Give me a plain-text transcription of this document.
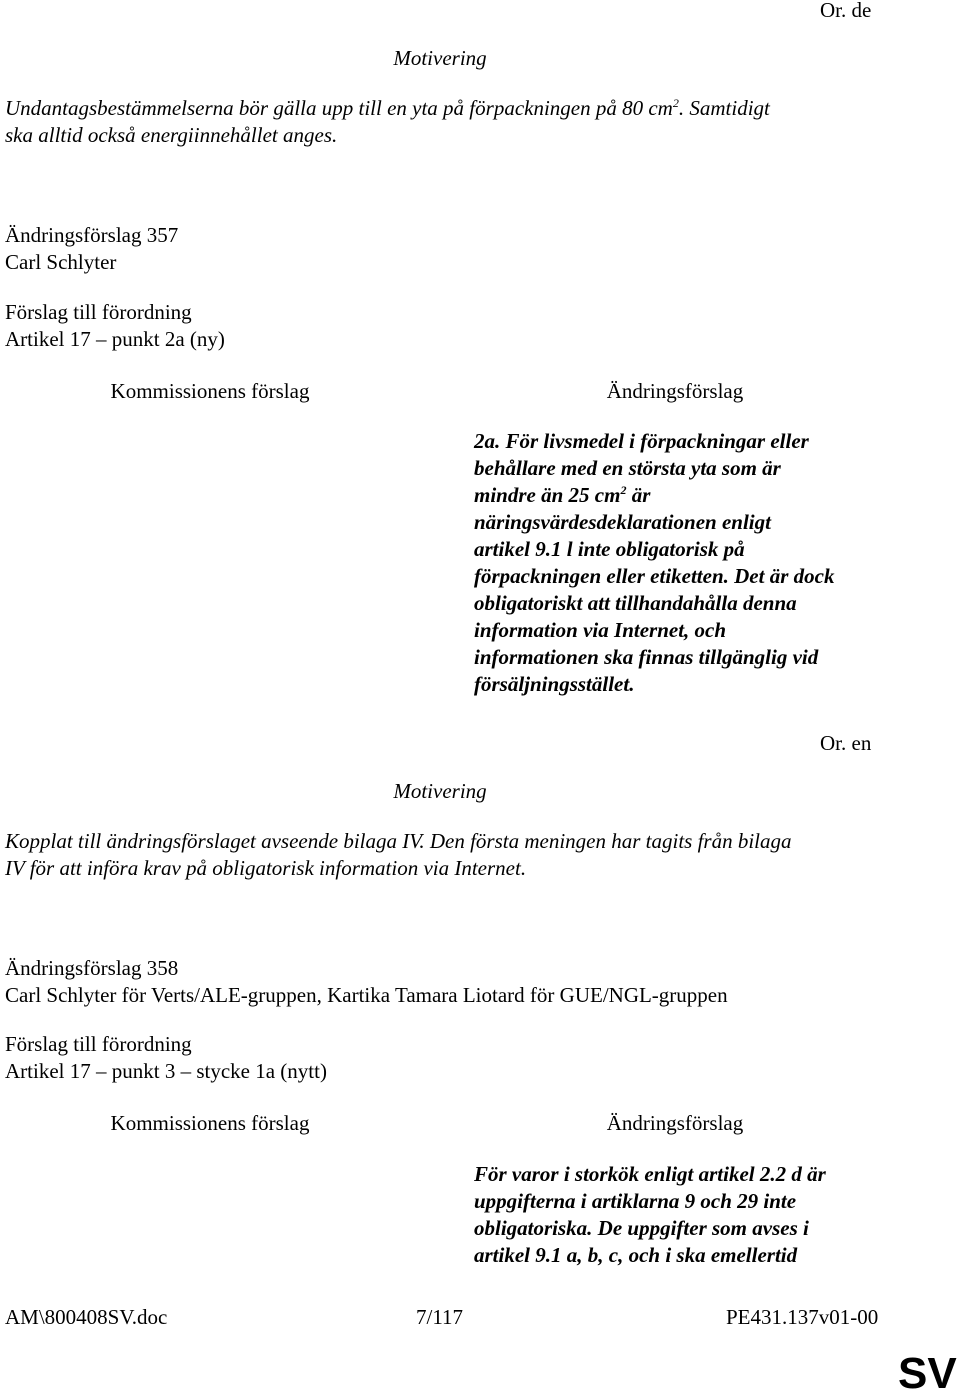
Or. de
Motivering
Undantagsbestämmelserna bör gälla upp till en yta på förpackningen på 80 $cm^2$. Samtidigt
ska alltid också energiinnehållet anges.
Ändringsförslag 357
Carl Schlyter
Förslag till förordning
Artikel 17 – punkt 2a (ny)
Kommissionens förslag	Ändringsförslag
2a. För livsmedel i förpackningar eller
behållare med en största yta som är
mindre än 25 $cm^2$ är
näringsvärdesdeklarationen enligt
artikel 9.1 l inte obligatorisk på
förpackningen eller etiketten. Det är dock
obligatoriskt att tillhandahålla denna
information via Internet, och
informationen ska finnas tillgänglig vid
försäljningsstället.
Or. en
Motivering
Kopplat till ändringsförslaget avseende bilaga IV. Den första meningen har tagits från bilaga
IV för att införa krav på obligatorisk information via Internet.
Ändringsförslag 358
Carl Schlyter för Verts/ALE-gruppen, Kartika Tamara Liotard för GUE/NGL-gruppen
Förslag till förordning
Artikel 17 – punkt 3 – stycke 1a (nytt)
Kommissionens förslag	Ändringsförslag
För varor i storkök enligt artikel 2.2 d är
uppgifterna i artiklarna 9 och 29 inte
obligatoriska. De uppgifter som avses i
artikel 9.1 a, b, c, och i ska emellertid
AM\800408SV.doc	7/117	PE431.137v01-00
SV
